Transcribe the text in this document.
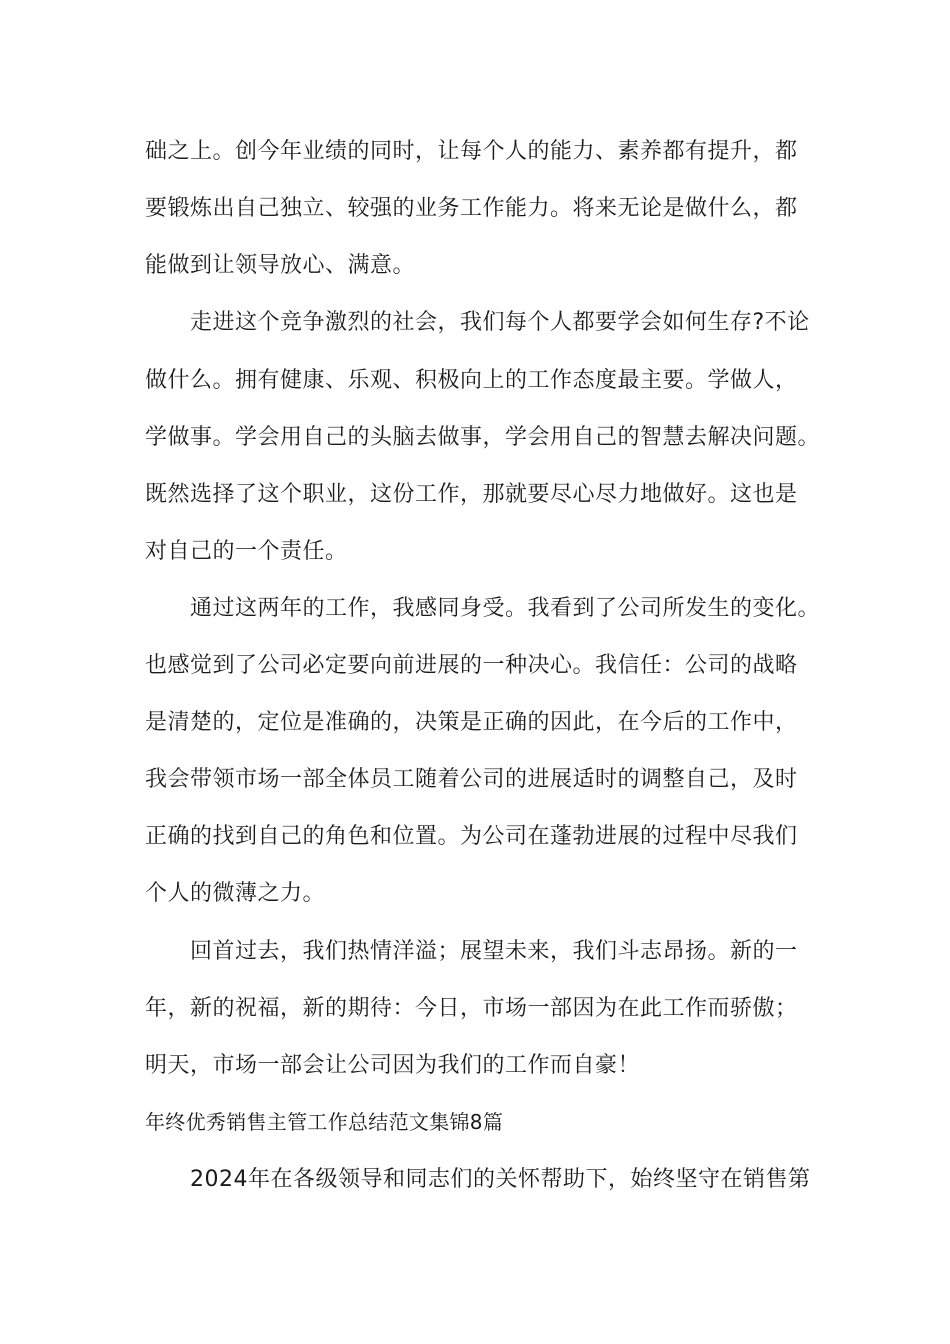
础之上。创今年业绩的同时，让每个人的能力、素养都有提升，都
要锻炼出自己独立、较强的业务工作能力。将来无论是做什么，都
能做到让领导放心、满意。
走进这个竞争激烈的社会，我们每个人都要学会如何生存?不论
做什么。拥有健康、乐观、积极向上的工作态度最主要。学做人，
学做事。学会用自己的头脑去做事，学会用自己的智慧去解决问题。
既然选择了这个职业，这份工作，那就要尽心尽力地做好。这也是
对自己的一个责任。
通过这两年的工作，我感同身受。我看到了公司所发生的变化。
也感觉到了公司必定要向前进展的一种决心。我信任：公司的战略
是清楚的，定位是准确的，决策是正确的因此，在今后的工作中，
我会带领市场一部全体员工随着公司的进展适时的调整自己，及时
正确的找到自己的角色和位置。为公司在蓬勃进展的过程中尽我们
个人的微薄之力。
回首过去，我们热情洋溢；展望未来，我们斗志昂扬。新的一
年，新的祝福，新的期待：今日，市场一部因为在此工作而骄傲；
明天，市场一部会让公司因为我们的工作而自豪！
年终优秀销售主管工作总结范文集锦8篇
2024年在各级领导和同志们的关怀帮助下，始终坚守在销售第
